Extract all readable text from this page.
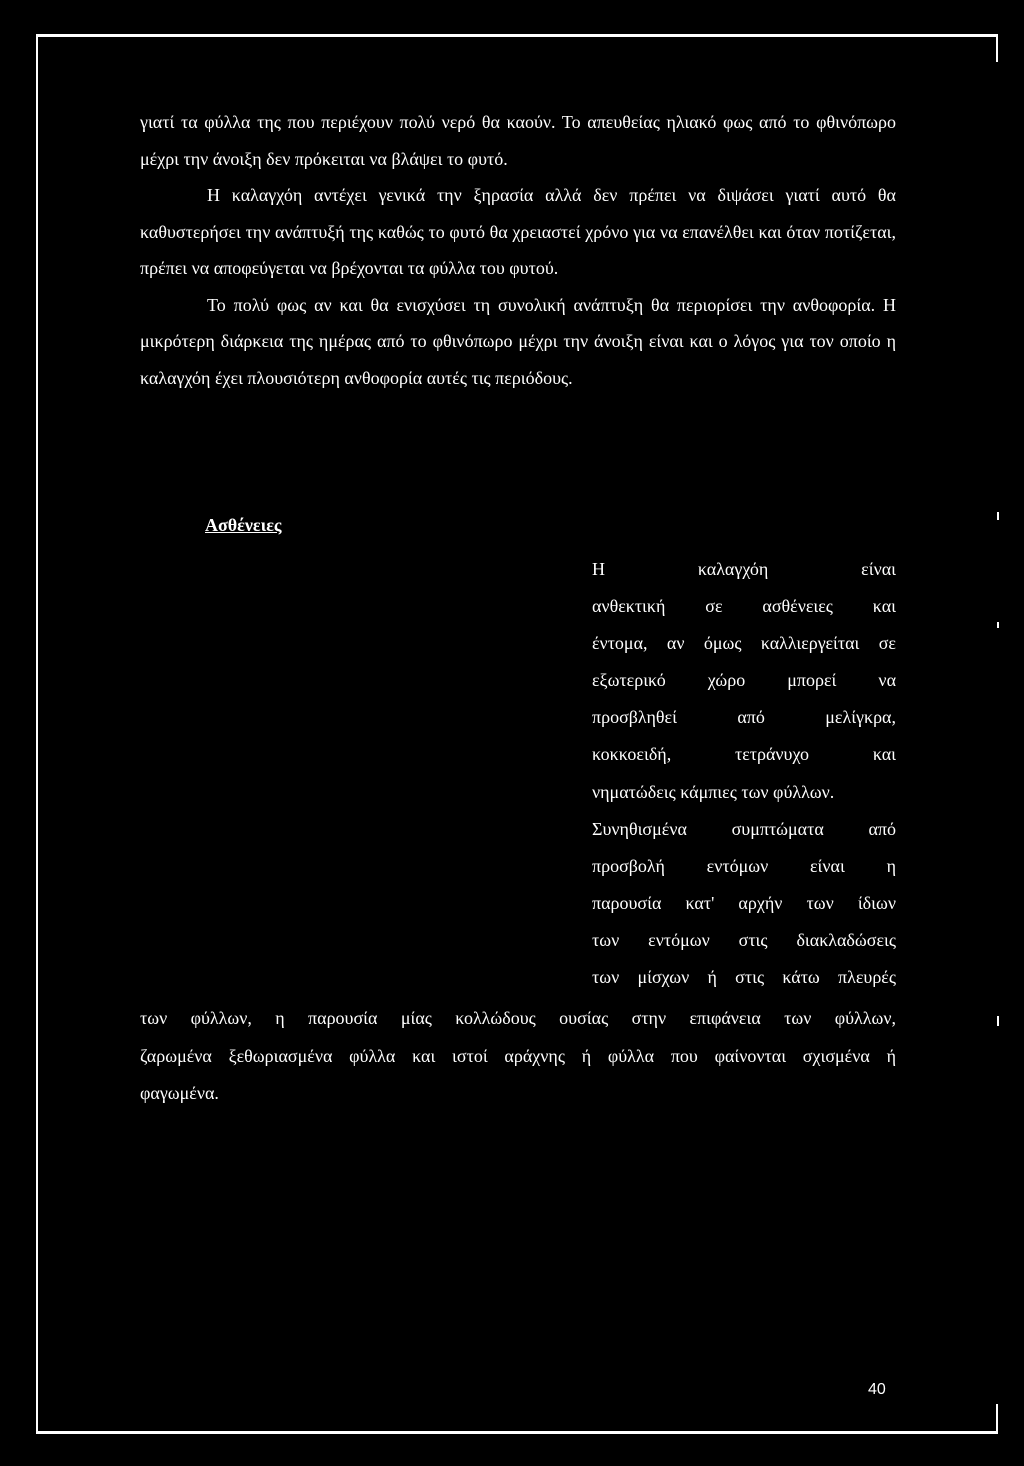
γιατί τα φύλλα της που περιέχουν πολύ νερό θα καούν. Το απευθείας ηλιακό φως από το φθινόπωρο μέχρι την άνοιξη δεν πρόκειται να βλάψει το φυτό.

Η καλαγχόη αντέχει γενικά την ξηρασία αλλά δεν πρέπει να διψάσει γιατί αυτό θα καθυστερήσει την ανάπτυξή της καθώς το φυτό θα χρειαστεί χρόνο για να επανέλθει και όταν ποτίζεται, πρέπει να αποφεύγεται να βρέχονται τα φύλλα του φυτού.

Το πολύ φως αν και θα ενισχύσει τη συνολική ανάπτυξη θα περιορίσει την ανθοφορία. Η μικρότερη διάρκεια της ημέρας από το φθινόπωρο μέχρι την άνοιξη είναι και ο λόγος για τον οποίο η καλαγχόη έχει πλουσιότερη ανθοφορία αυτές τις περιόδους.

Ασθένειες

Η καλαγχόη είναι
ανθεκτική σε ασθένειες και
έντομα, αν όμως καλλιεργείται σε
εξωτερικό χώρο μπορεί να
προσβληθεί από μελίγκρα,
κοκκοειδή, τετράνυχο και
νηματώδεις κάμπιες των φύλλων.
Συνηθισμένα συμπτώματα από
προσβολή εντόμων είναι η
παρουσία κατ' αρχήν των ίδιων
των εντόμων στις διακλαδώσεις
των μίσχων ή στις κάτω πλευρές
των φύλλων, η παρουσία μίας κολλώδους ουσίας στην επιφάνεια των φύλλων,
ζαρωμένα ξεθωριασμένα φύλλα και ιστοί αράχνης ή φύλλα που φαίνονται σχισμένα ή
φαγωμένα.
40
